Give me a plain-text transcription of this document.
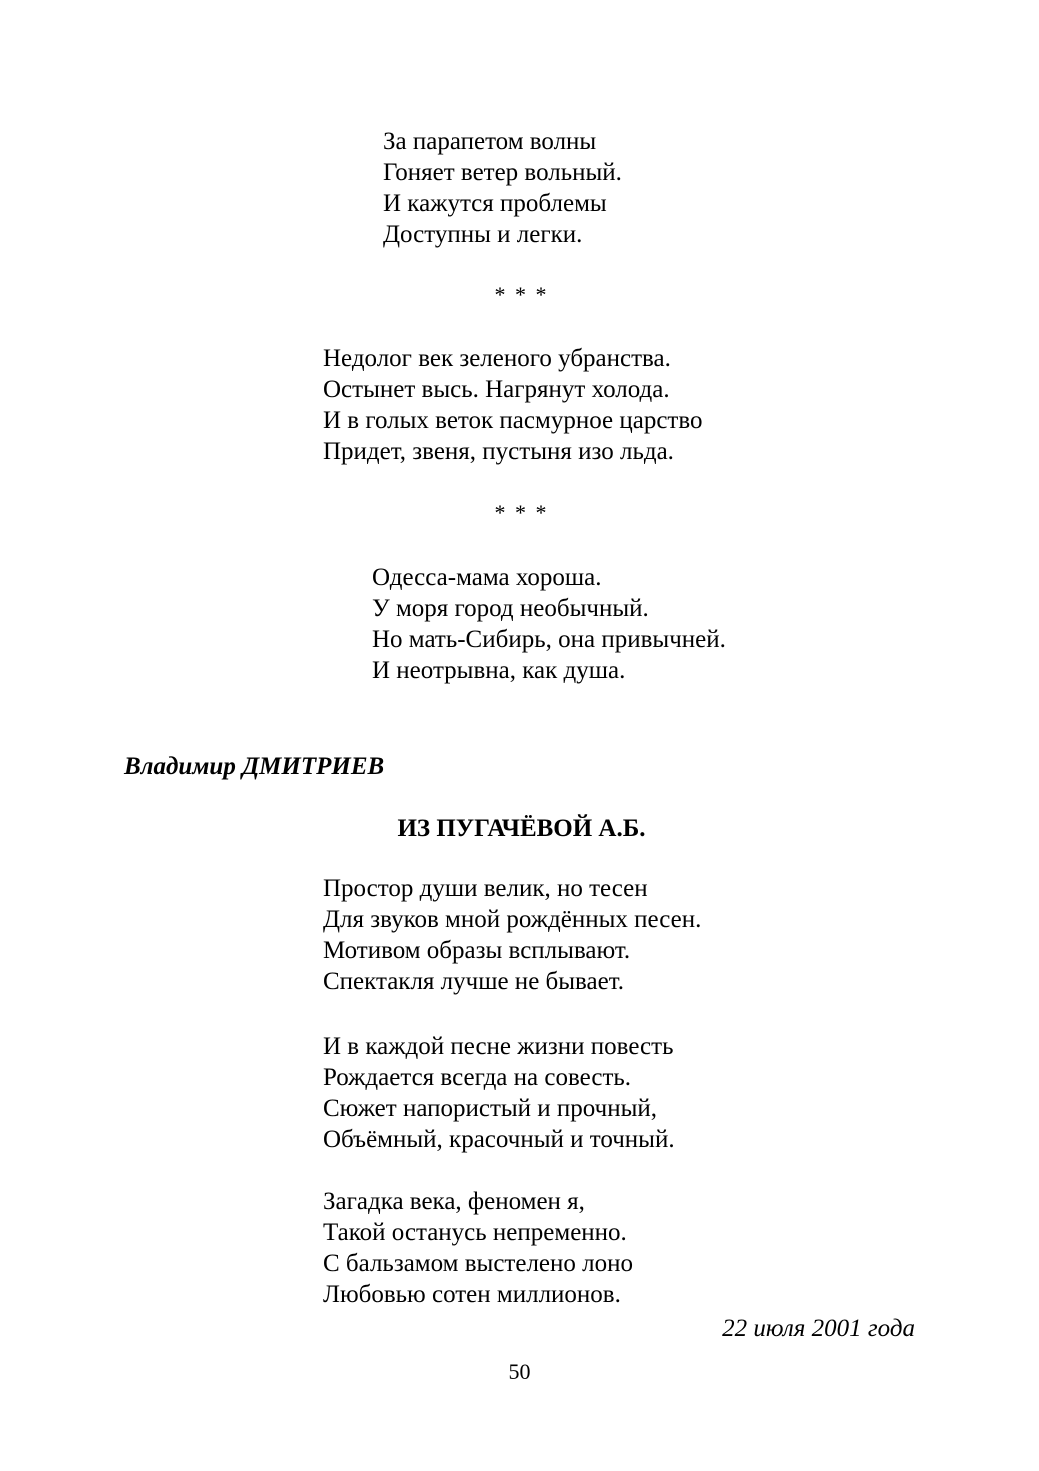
За парапетом волны
Гоняет ветер вольный.
И кажутся проблемы
Доступны и легки.
* * *
Недолог век зеленого убранства.
Остынет высь. Нагрянут холода.
И в голых веток пасмурное царство
Придет, звеня, пустыня изо льда.
* * *
Одесса-мама хороша.
У моря город необычный.
Но мать-Сибирь, она привычней.
И неотрывна, как душа.
Владимир ДМИТРИЕВ
ИЗ ПУГАЧЁВОЙ А.Б.
Простор души велик, но тесен
Для звуков мной рождённых песен.
Мотивом образы всплывают.
Спектакля лучше не бывает.
И в каждой песне жизни повесть
Рождается всегда на совесть.
Сюжет напористый и прочный,
Объёмный, красочный и точный.
Загадка века, феномен я,
Такой останусь непременно.
С бальзамом выстелено лоно
Любовью сотен миллионов.
22 июля 2001 года
50
